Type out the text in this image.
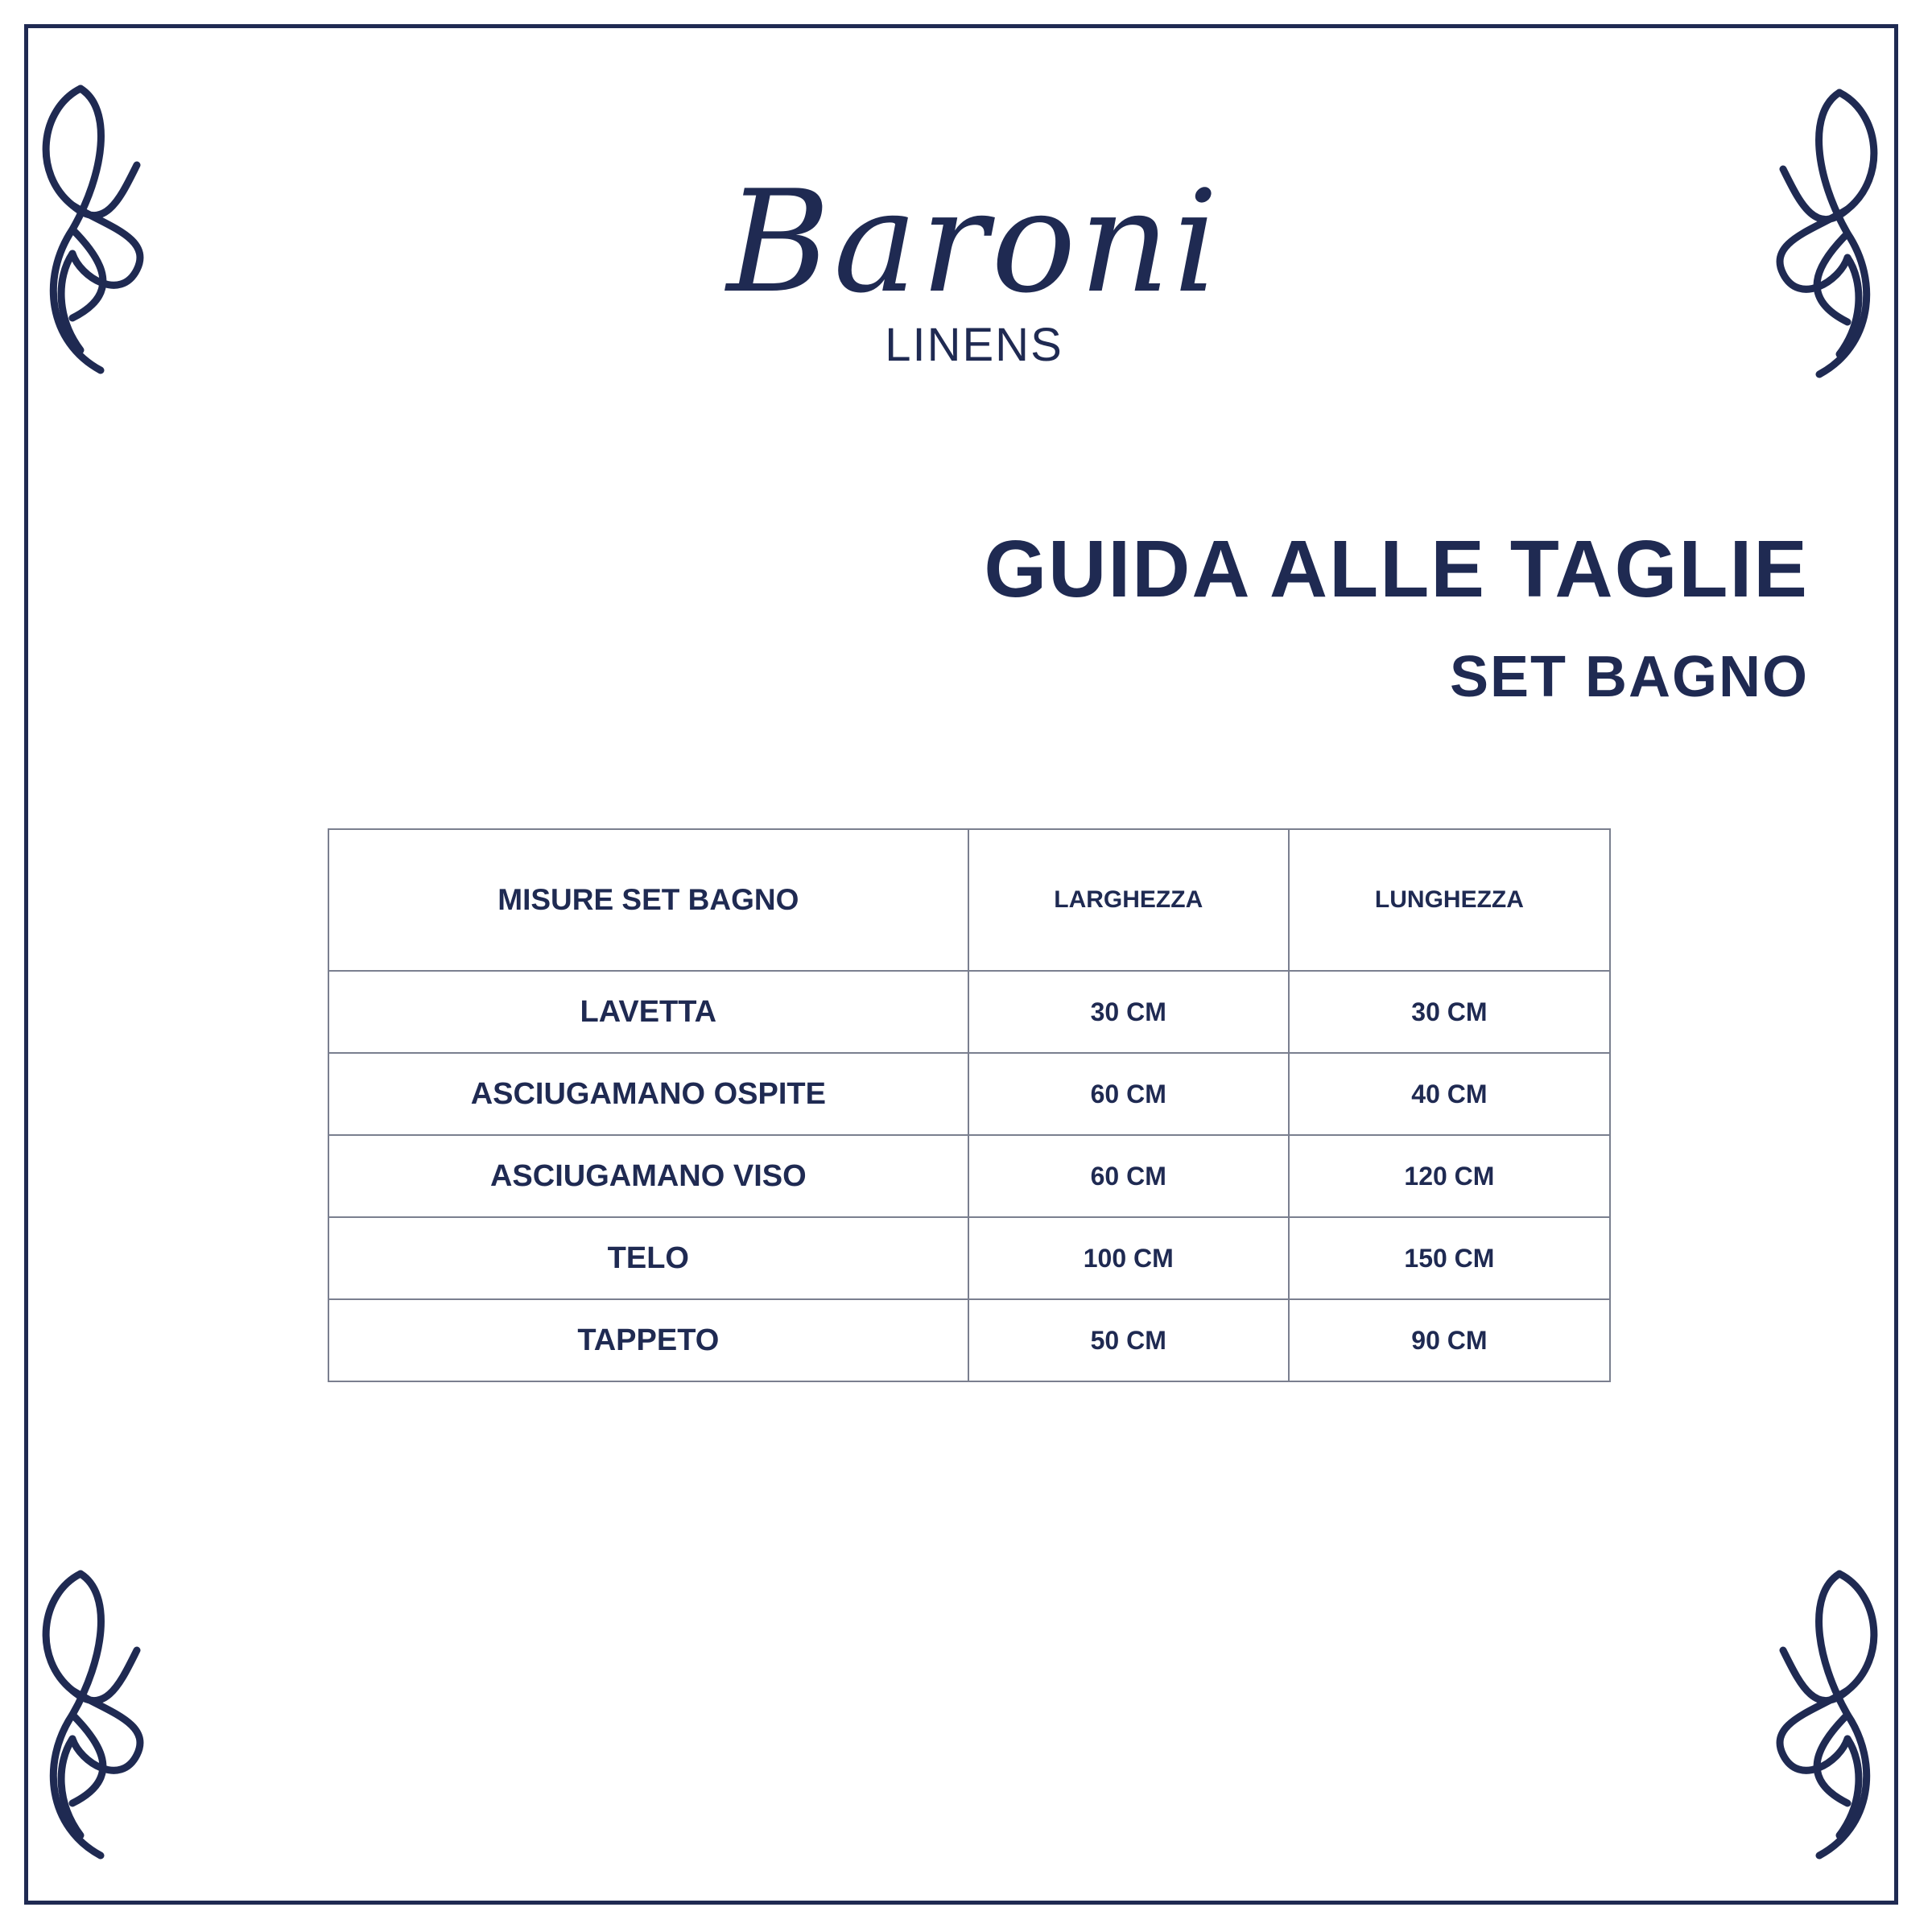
Baroni
LINENS
GUIDA ALLE TAGLIE
SET BAGNO
MISURE SET BAGNO	LARGHEZZA	LUNGHEZZA
LAVETTA	30 CM	30 CM
ASCIUGAMANO OSPITE	60 CM	40 CM
ASCIUGAMANO VISO	60 CM	120 CM
TELO	100 CM	150 CM
TAPPETO	50 CM	90 CM
